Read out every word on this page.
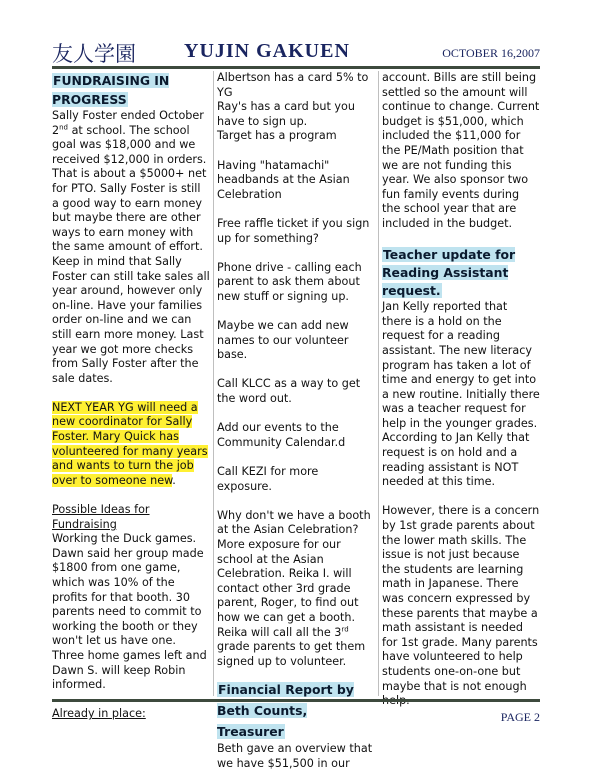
友人学園 YUJIN GAKUEN	OCTOBER 16,2007
FUNDRAISING IN PROGRESS

Sally Foster ended October 2nd at school. The school goal was $18,000 and we received $12,000 in orders. That is about a $5000+ net for PTO. Sally Foster is still a good way to earn money but maybe there are other ways to earn money with the same amount of effort. Keep in mind that Sally Foster can still take sales all year around, however only on-line. Have your families order on-line and we can still earn more money. Last year we got more checks from Sally Foster after the sale dates.

NEXT YEAR YG will need a new coordinator for Sally Foster. Mary Quick has volunteered for many years and wants to turn the job over to someone new.

Possible Ideas for Fundraising

Working the Duck games. Dawn said her group made $1800 from one game, which was 10% of the profits for that booth. 30 parents need to commit to working the booth or they won't let us have one. Three home games left and Dawn S. will keep Robin informed.

Already in place:

Albertson has a card 5% to YG

Ray's has a card but you have to sign up.

Target has a program

Having "hatamachi" headbands at the Asian Celebration

Free raffle ticket if you sign up for something?

Phone drive - calling each parent to ask them about new stuff or signing up.

Maybe we can add new names to our volunteer base.

Call KLCC as a way to get the word out.

Add our events to the Community Calendar.d

Call KEZI for more exposure.

Why don't we have a booth at the Asian Celebration? More exposure for our school at the Asian Celebration. Reika I. will contact other 3rd grade parent, Roger, to find out how we can get a booth. Reika will call all the 3rd grade parents to get them signed up to volunteer.

Financial Report by Beth Counts, Treasurer

Beth gave an overview that we have $51,500 in our

account. Bills are still being settled so the amount will continue to change. Current budget is $51,000, which included the $11,000 for the PE/Math position that we are not funding this year. We also sponsor two fun family events during the school year that are included in the budget.

Teacher update for Reading Assistant request.

Jan Kelly reported that there is a hold on the request for a reading assistant. The new literacy program has taken a lot of time and energy to get into a new routine. Initially there was a teacher request for help in the younger grades. According to Jan Kelly that request is on hold and a reading assistant is NOT needed at this time.

However, there is a concern by 1st grade parents about the lower math skills. The issue is not just because the students are learning math in Japanese. There was concern expressed by these parents that maybe a math assistant is needed for 1st grade. Many parents have volunteered to help students one-on-one but maybe that is not enough

PAGE 2
